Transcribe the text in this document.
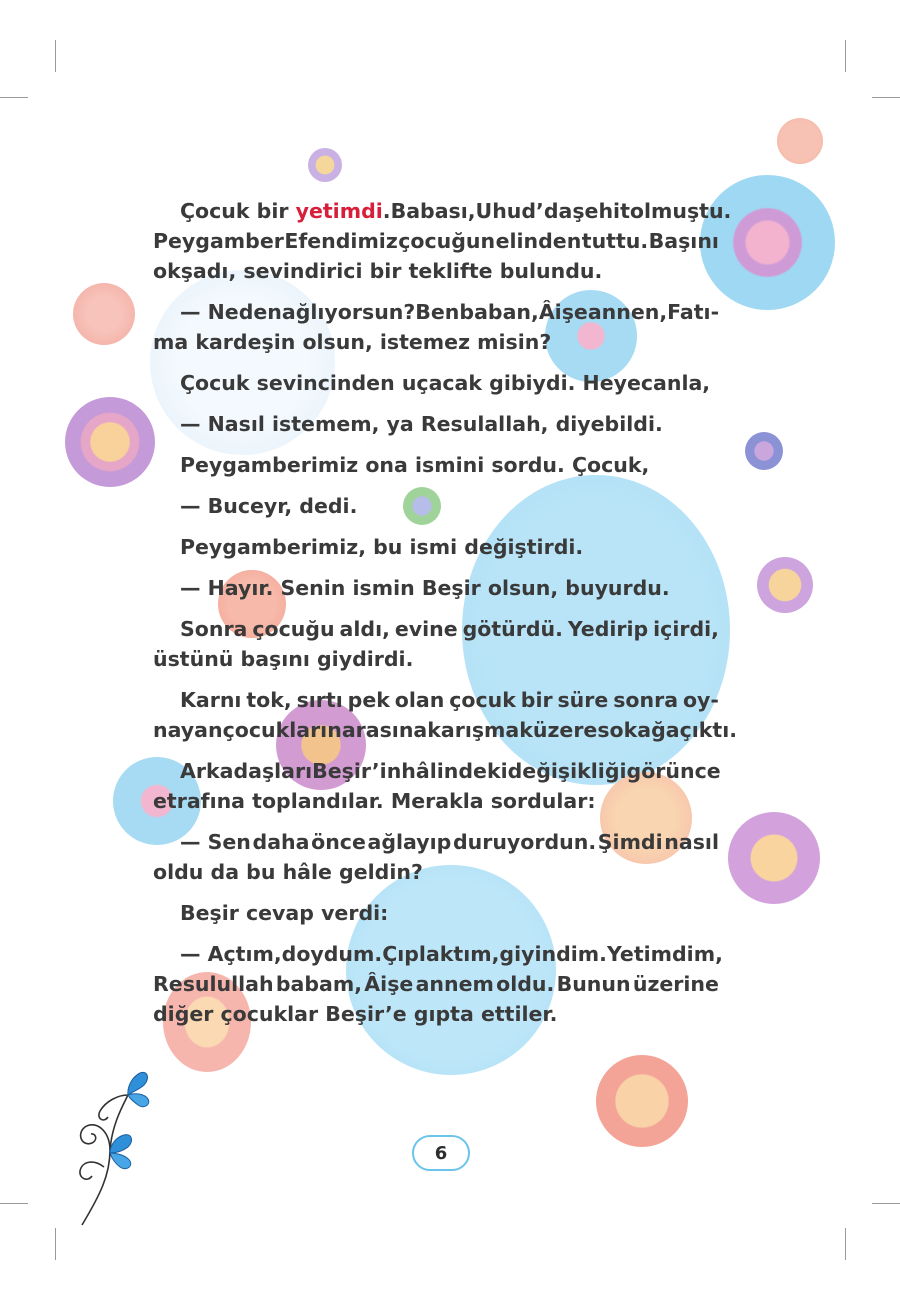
Çocuk bir yetimdi. Babası, Uhud’da şehit olmuştu.
Peygamber Efendimiz çocuğun elinden tuttu. Başını
okşadı, sevindirici bir teklifte bulundu.
— Neden ağlıyorsun? Ben baban, Âişe annen, Fatı-
ma kardeşin olsun, istemez misin?
Çocuk sevincinden uçacak gibiydi. Heyecanla,
— Nasıl istemem, ya Resulallah, diyebildi.
Peygamberimiz ona ismini sordu. Çocuk,
— Buceyr, dedi.
Peygamberimiz, bu ismi değiştirdi.
— Hayır. Senin ismin Beşir olsun, buyurdu.
Sonra çocuğu aldı, evine götürdü. Yedirip içirdi,
üstünü başını giydirdi.
Karnı tok, sırtı pek olan çocuk bir süre sonra oy-
nayan çocukların arasına karışmak üzere sokağa çıktı.
Arkadaşları Beşir’in hâlindeki değişikliği görünce
etrafına toplandılar. Merakla sordular:
— Sen daha önce ağlayıp duruyordun. Şimdi nasıl
oldu da bu hâle geldin?
Beşir cevap verdi:
— Açtım, doydum. Çıplaktım, giyindim. Yetimdim,
Resulullah babam, Âişe annem oldu. Bunun üzerine
diğer çocuklar Beşir’e gıpta ettiler.
6
